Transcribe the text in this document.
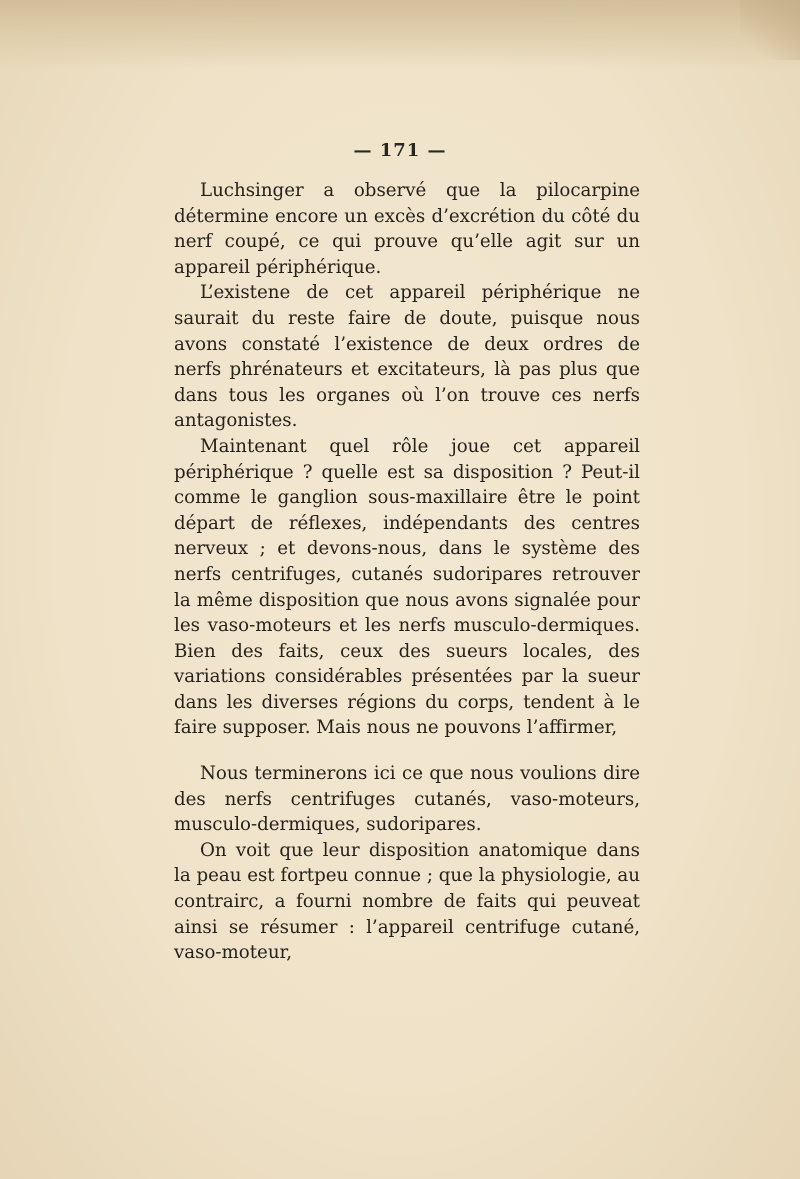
— 171 —

Luchsinger a observé que la pilocarpine détermine encore un excès d’excrétion du côté du nerf coupé, ce qui prouve qu’elle agit sur un appareil périphérique.

L’existene de cet appareil périphérique ne saurait du reste faire de doute, puisque nous avons constaté l’existence de deux ordres de nerfs phrénateurs et excitateurs, là pas plus que dans tous les organes où l’on trouve ces nerfs antagonistes.

Maintenant quel rôle joue cet appareil périphérique ? quelle est sa disposition ? Peut-il comme le ganglion sous-maxillaire être le point départ de réflexes, indépendants des centres nerveux ; et devons-nous, dans le système des nerfs centrifuges, cutanés sudoripares retrouver la même disposition que nous avons signalée pour les vaso-moteurs et les nerfs musculo-dermiques. Bien des faits, ceux des sueurs locales, des variations considérables présentées par la sueur dans les diverses régions du corps, tendent à le faire supposer. Mais nous ne pouvons l’affirmer,

Nous terminerons ici ce que nous voulions dire des nerfs centrifuges cutanés, vaso-moteurs, musculo-dermiques, sudoripares.

On voit que leur disposition anatomique dans la peau est fortpeu connue ; que la physiologie, au contrairc, a fourni nombre de faits qui peuveat ainsi se résumer : l’appareil centrifuge cutané, vaso-moteur,
